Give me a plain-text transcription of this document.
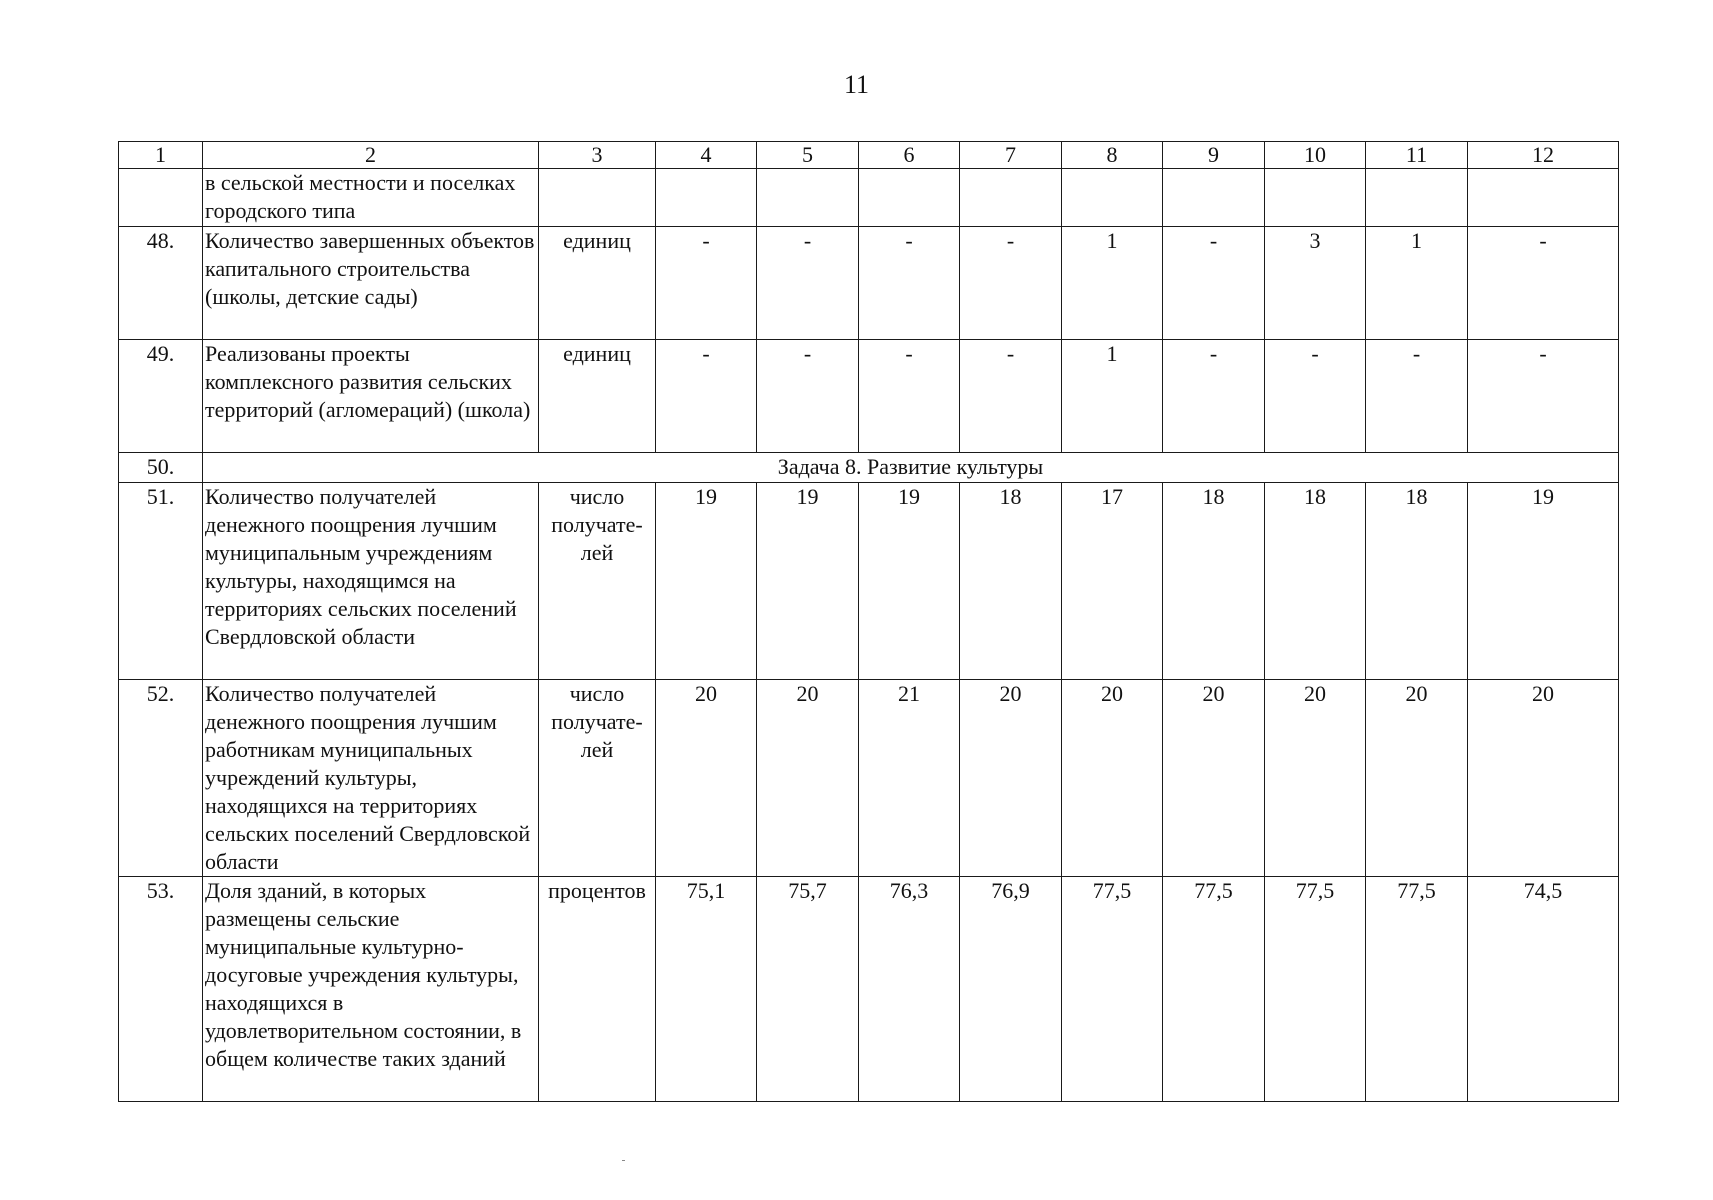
11
1	2	3	4	5	6	7	8	9	10	11	12
	в сельской местности и поселках городского типа										
48.	Количество завершенных объектов капитального строительства (школы, детские сады)	единиц	-	-	-	-	1	-	3	1	-
49.	Реализованы проекты комплексного развития сельских территорий (агломераций) (школа)	единиц	-	-	-	-	1	-	-	-	-
50.	Задача 8. Развитие культуры										
51.	Количество получателей денежного поощрения лучшим муниципальным учреждениям культуры, находящимся на территориях сельских поселений Свердловской области	число получате-лей	19	19	19	18	17	18	18	18	19
52.	Количество получателей денежного поощрения лучшим работникам муниципальных учреждений культуры, находящихся на территориях сельских поселений Свердловской области	число получате-лей	20	20	21	20	20	20	20	20	20
53.	Доля зданий, в которых размещены сельские муниципальные культурно-досуговые учреждения культуры, находящихся в удовлетворительном состоянии, в общем количестве таких зданий	процентов	75,1	75,7	76,3	76,9	77,5	77,5	77,5	77,5	74,5
